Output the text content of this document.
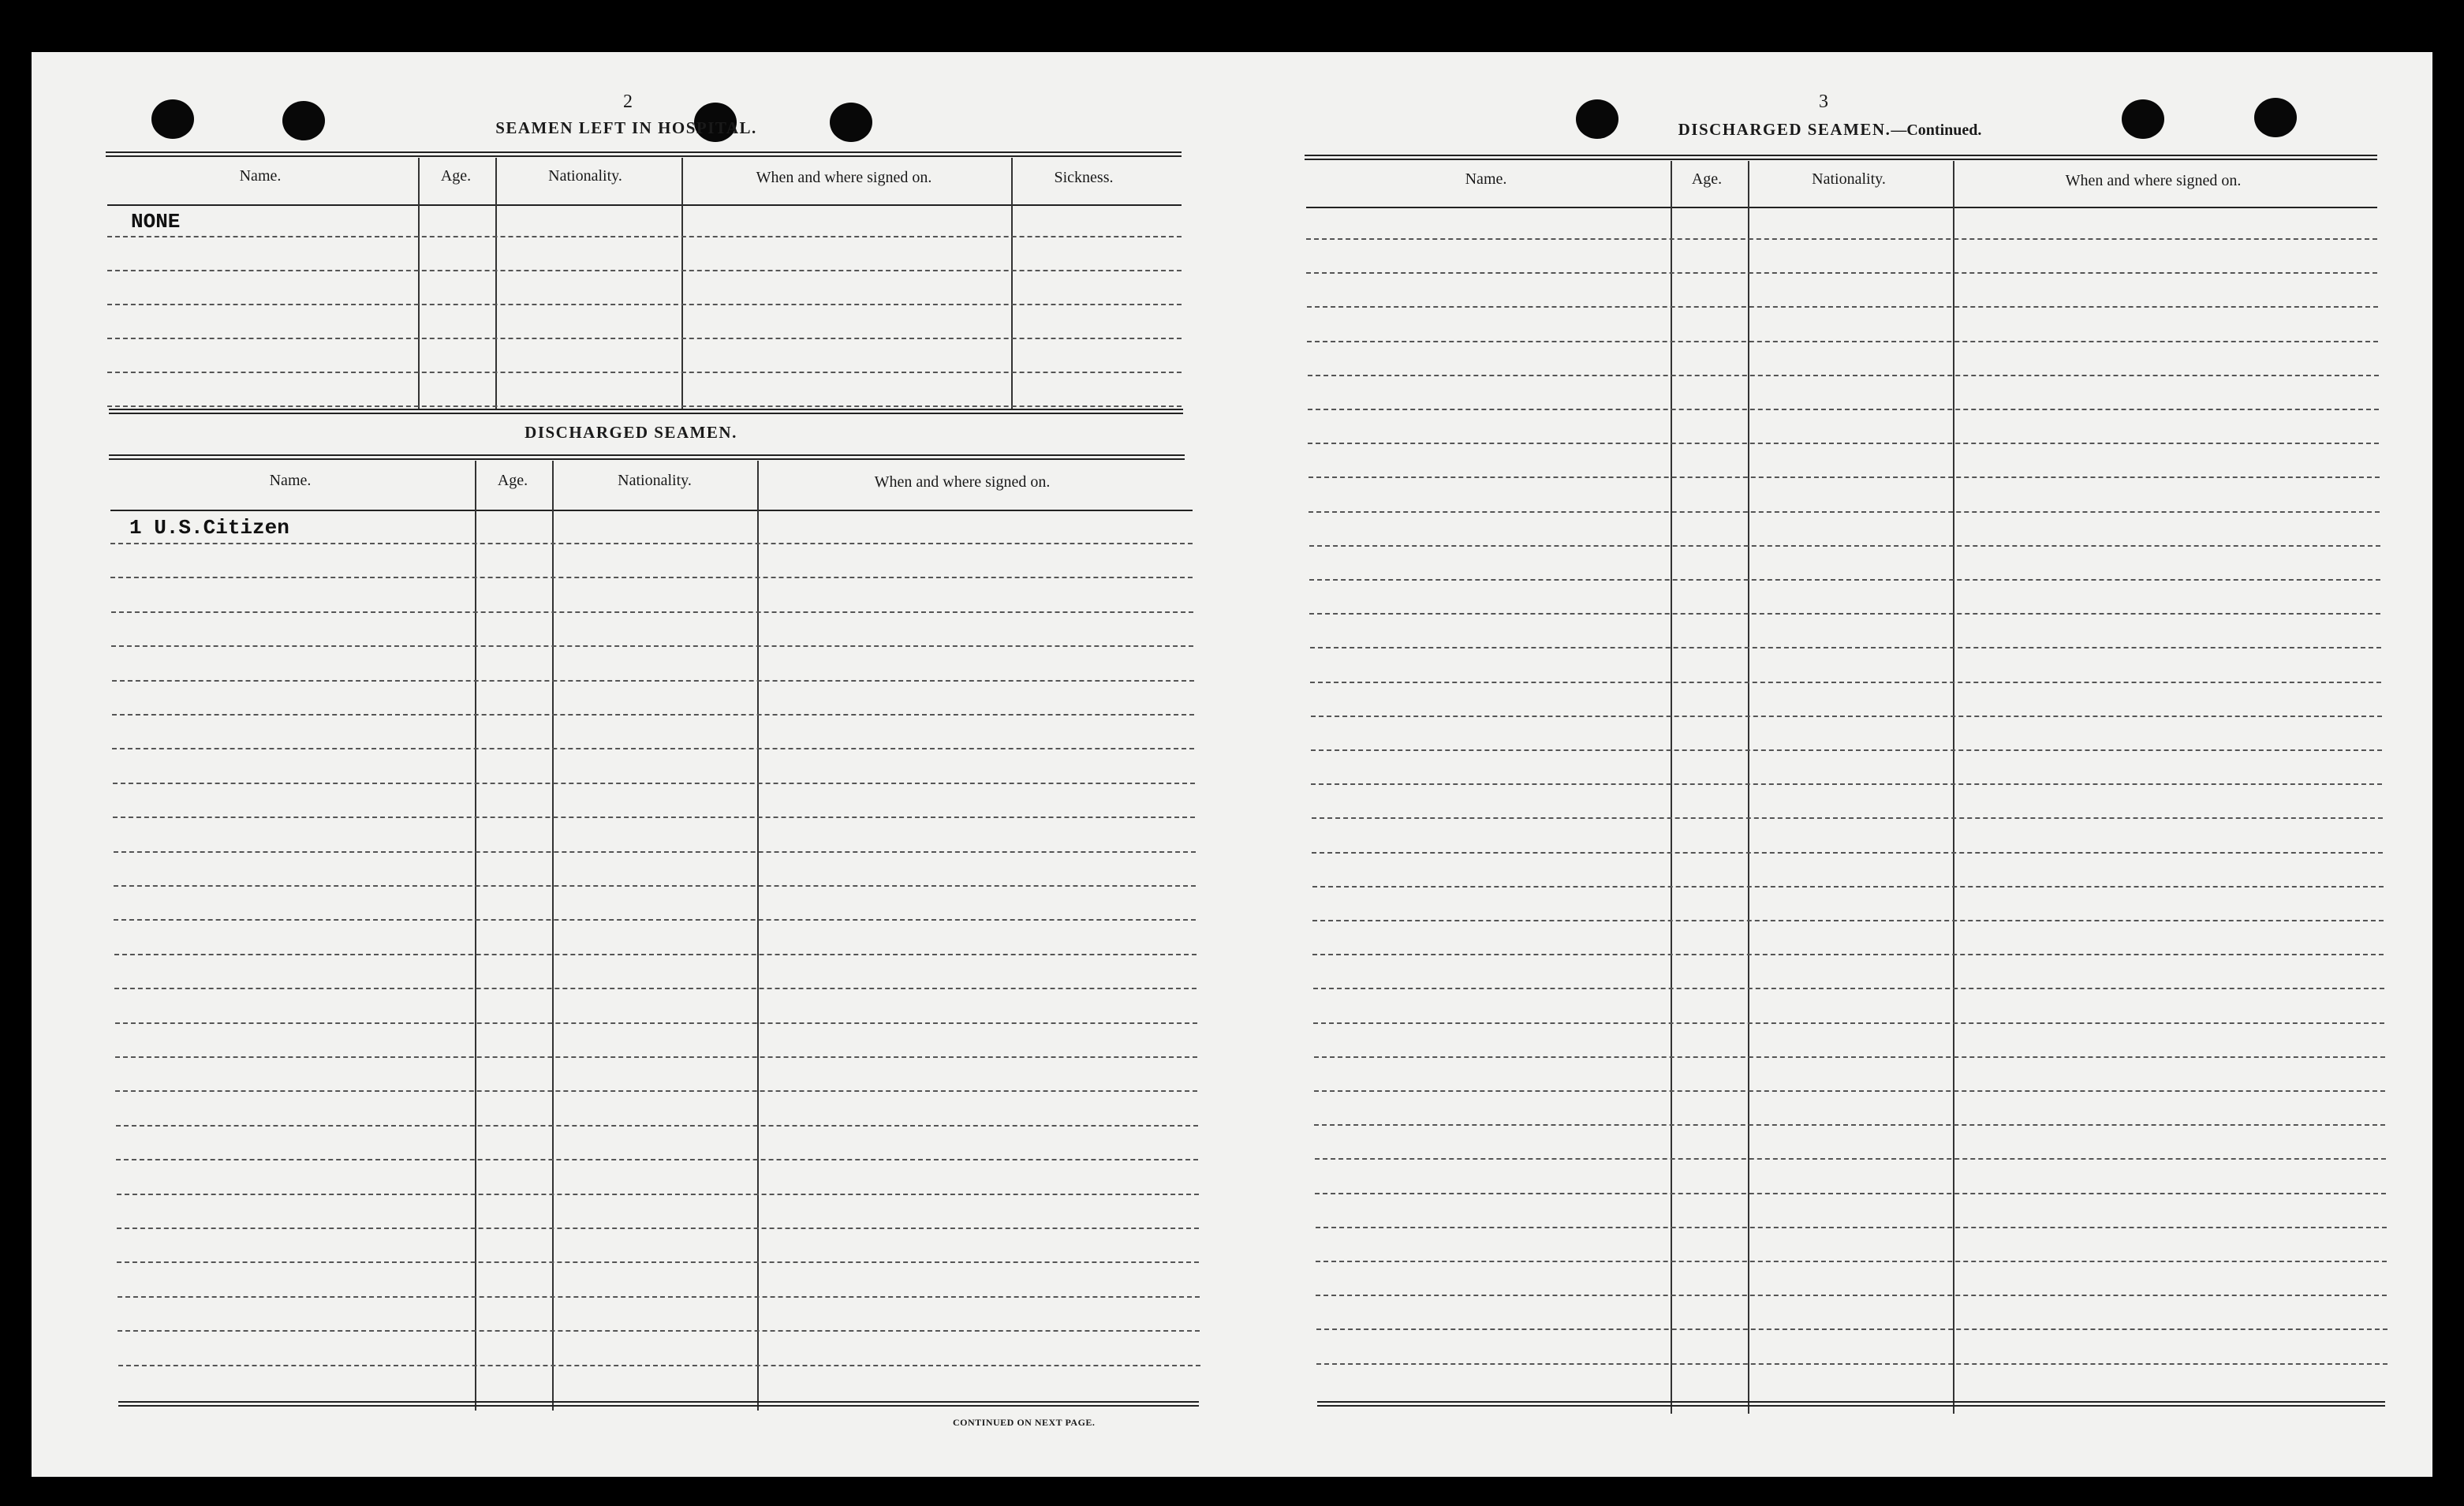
2
SEAMEN LEFT IN HOSPITAL.
Name.	Age.	Nationality.	When and where signed on.	Sickness.
NONE
DISCHARGED SEAMEN.
Name.	Age.	Nationality.	When and where signed on.
1 U.S.Citizen
CONTINUED ON NEXT PAGE.
3
DISCHARGED SEAMEN.—Continued.
Name.	Age.	Nationality.	When and where signed on.
